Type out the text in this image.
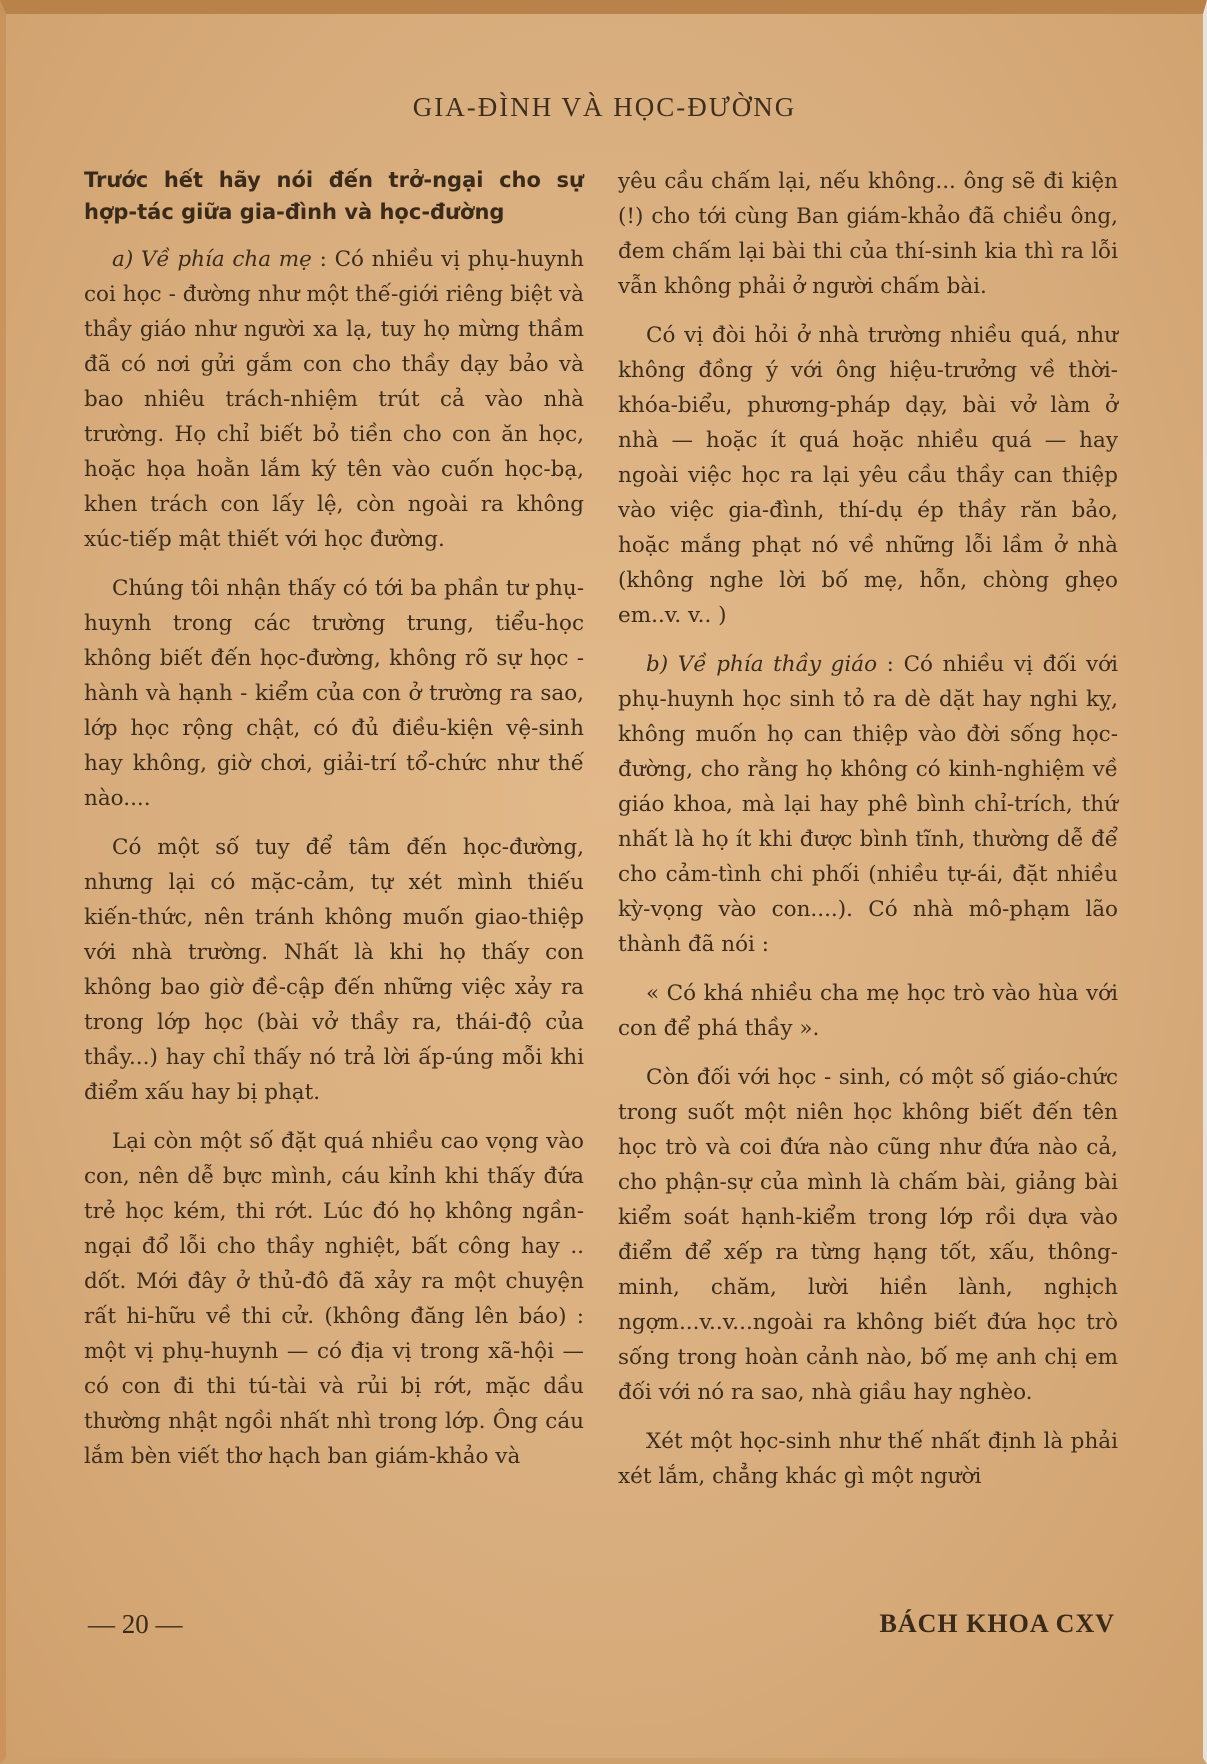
GIA-ĐÌNH VÀ HỌC-ĐƯỜNG
Trước hết hãy nói đến trở-ngại cho sự hợp-tác giữa gia-đình và học-đường

a) Về phía cha mẹ : Có nhiều vị phụ-huynh coi học - đường như một thế-giới riêng biệt và thầy giáo như người xa lạ, tuy họ mừng thầm đã có nơi gửi gắm con cho thầy dạy bảo và bao nhiêu trách-nhiệm trút cả vào nhà trường. Họ chỉ biết bỏ tiền cho con ăn học, hoặc họa hoằn lắm ký tên vào cuốn học-bạ, khen trách con lấy lệ, còn ngoài ra không xúc-tiếp mật thiết với học đường.

Chúng tôi nhận thấy có tới ba phần tư phụ-huynh trong các trường trung, tiểu-học không biết đến học-đường, không rõ sự học - hành và hạnh - kiểm của con ở trường ra sao, lớp học rộng chật, có đủ điều-kiện vệ-sinh hay không, giờ chơi, giải-trí tổ-chức như thế nào....

Có một số tuy để tâm đến học-đường, nhưng lại có mặc-cảm, tự xét mình thiếu kiến-thức, nên tránh không muốn giao-thiệp với nhà trường. Nhất là khi họ thấy con không bao giờ đề-cập đến những việc xảy ra trong lớp học (bài vở thầy ra, thái-độ của thầy...) hay chỉ thấy nó trả lời ấp-úng mỗi khi điểm xấu hay bị phạt.

Lại còn một số đặt quá nhiều cao vọng vào con, nên dễ bực mình, cáu kỉnh khi thấy đứa trẻ học kém, thi rớt. Lúc đó họ không ngần-ngại đổ lỗi cho thầy nghiệt, bất công hay .. dốt. Mới đây ở thủ-đô đã xảy ra một chuyện rất hi-hữu về thi cử. (không đăng lên báo) : một vị phụ-huynh — có địa vị trong xã-hội — có con đi thi tú-tài và rủi bị rớt, mặc dầu thường nhật ngồi nhất nhì trong lớp. Ông cáu lắm bèn viết thơ hạch ban giám-khảo và

yêu cầu chấm lại, nếu không... ông sẽ đi kiện (!) cho tới cùng Ban giám-khảo đã chiều ông, đem chấm lại bài thi của thí-sinh kia thì ra lỗi vẫn không phải ở người chấm bài.

Có vị đòi hỏi ở nhà trường nhiều quá, như không đồng ý với ông hiệu-trưởng về thời-khóa-biểu, phương-pháp dạy, bài vở làm ở nhà — hoặc ít quá hoặc nhiều quá — hay ngoài việc học ra lại yêu cầu thầy can thiệp vào việc gia-đình, thí-dụ ép thầy răn bảo, hoặc mắng phạt nó về những lỗi lầm ở nhà (không nghe lời bố mẹ, hỗn, chòng ghẹo em..v. v.. )

b) Về phía thầy giáo : Có nhiều vị đối với phụ-huynh học sinh tỏ ra dè dặt hay nghi kỵ, không muốn họ can thiệp vào đời sống học-đường, cho rằng họ không có kinh-nghiệm về giáo khoa, mà lại hay phê bình chỉ-trích, thứ nhất là họ ít khi được bình tĩnh, thường dễ để cho cảm-tình chi phối (nhiều tự-ái, đặt nhiều kỳ-vọng vào con....). Có nhà mô-phạm lão thành đã nói :

« Có khá nhiều cha mẹ học trò vào hùa với con để phá thầy ».

Còn đối với học - sinh, có một số giáo-chức trong suốt một niên học không biết đến tên học trò và coi đứa nào cũng như đứa nào cả, cho phận-sự của mình là chấm bài, giảng bài kiểm soát hạnh-kiểm trong lớp rồi dựa vào điểm để xếp ra từng hạng tốt, xấu, thông-minh, chăm, lười hiền lành, nghịch ngợm...v..v...ngoài ra không biết đứa học trò sống trong hoàn cảnh nào, bố mẹ anh chị em đối với nó ra sao, nhà giầu hay nghèo.

Xét một học-sinh như thế nhất định là phải xét lắm, chẳng khác gì một người

— 20 —	BÁCH KHOA CXV
